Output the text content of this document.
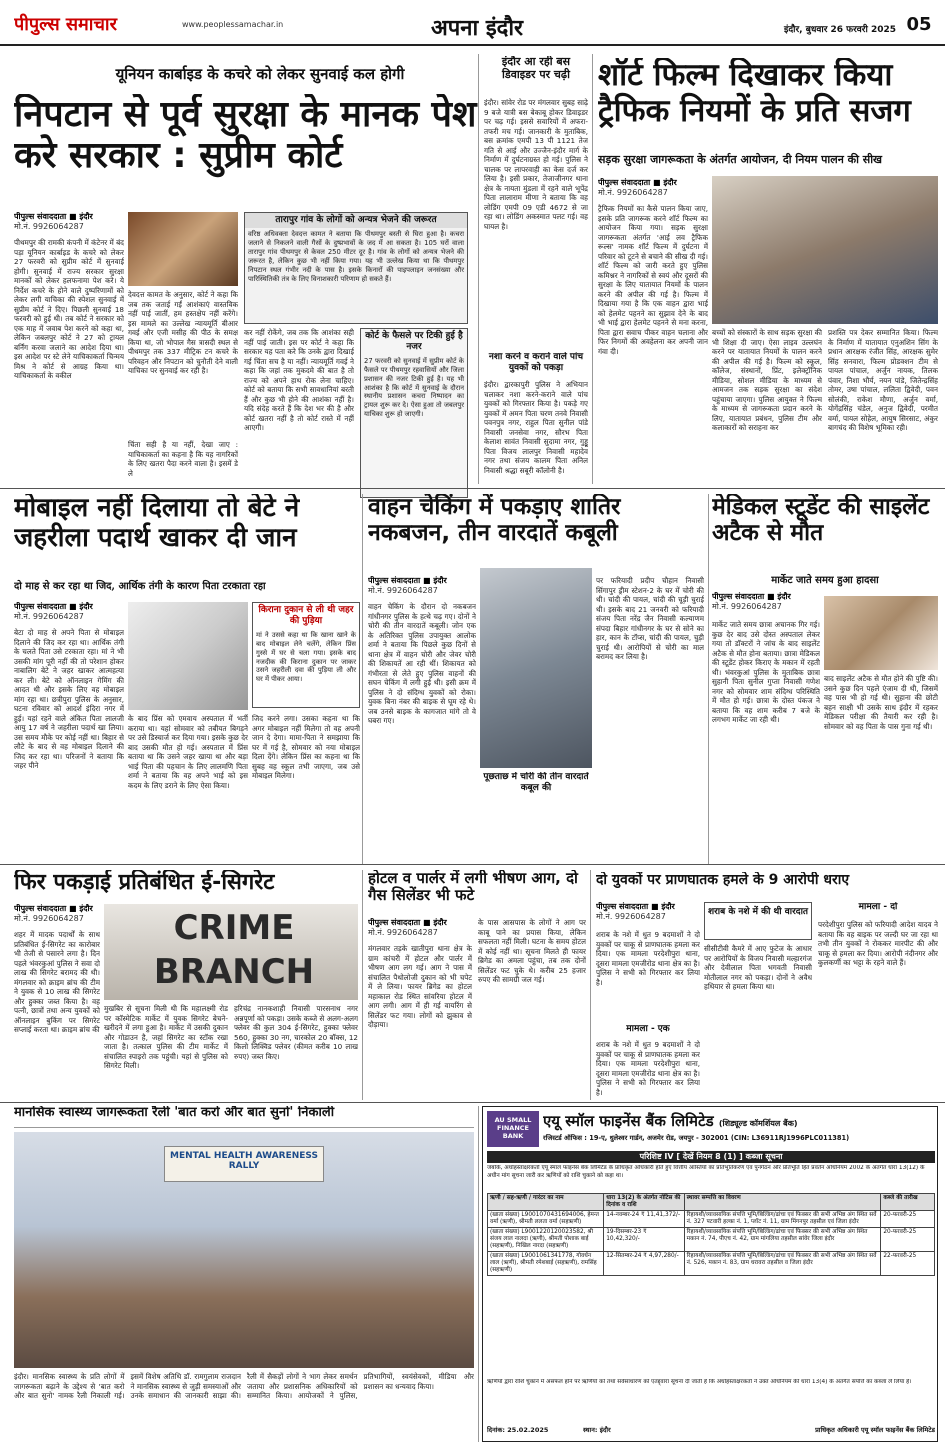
पीपुल्स समाचार	www.peoplessamachar.in	अपना इंदौर	इंदौर, बुधवार 26 फरवरी 2025 05
यूनियन कार्बाइड के कचरे को लेकर सुनवाई कल होगी
निपटान से पूर्व सुरक्षा के मानक पेश करे सरकार : सुप्रीम कोर्ट
पीपुल्स संवाददाता ■ इंदौर
मो.नं. 9926064287
पीथमपुर की रामकी कंपनी में कंटेनर में बंद पड़ा यूनियन कार्बाइड के कचरे को लेकर 27 फरवरी को सुप्रीम कोर्ट में सुनवाई होगी। सुनवाई में राज्य सरकार सुरक्षा मानकों को लेकर हलफनामा पेश करे। ये निर्देश कचरे के होने वाले दुष्परिणामों को लेकर लगी याचिका की स्पेशल सुनवाई में सुप्रीम कोर्ट ने दिए। पिछली सुनवाई 18 फरवरी को हुई थी। तब कोर्ट ने सरकार को एक माह में जवाब पेश करने को कहा था, लेकिन जबलपुर कोर्ट ने 27 को ट्रायल बर्निंग करवा जलाने का आदेश दिया था। इस आदेश पर स्टे लेने याचिकाकर्ता चिन्मय मिश्र ने कोर्ट से आग्रह किया था। याचिकाकर्ता के वकील
देवदत्त कामत के अनुसार, कोर्ट ने कहा कि जब तक जताई गईं आशंकाएं वास्तविक नहीं पाई जातीं, हम हस्तक्षेप नहीं करेंगे। इस मामले का उल्लेख न्यायमूर्ति बीआर गवई और एजी मसीह की पीठ के समक्ष किया था, जो भोपाल गैस त्रासदी स्थल से पीथमपुर तक 337 मीट्रिक टन कचरे के परिवहन और निपटान को चुनौती देने वाली याचिका पर सुनवाई कर रही है।
चिंता सही है या नहीं, देखा जाए : याचिकाकर्ता का कहना है कि यह नागरिकों के लिए खतरा पैदा करने वाला है। इसमें डे ले
तारापुर गांव के लोगों को अन्यत्र भेजने की जरूरत
वरिष्ठ अधिवक्ता देवदत्त कामत ने बताया कि पीथमपुर बस्ती से घिरा हुआ है। कचरा जलाने से निकलने वाली गैसों के दुष्प्रभावों के जद में आ सकता है। 105 घरों वाला तारापुर गांव पीथमपुर से केवल 250 मीटर दूर है। गांव के लोगों को अन्यत्र भेजने की जरूरत है, लेकिन कुछ भी नहीं किया गया। यह भी उल्लेख किया था कि पीथमपुर निपटान स्थल गंभीर नदी के पास है। इसके किनारों की पाइपलाइन जनसंख्या और पारिस्थितिकी तंत्र के लिए विनाशकारी परिणाम हो सकते हैं।
कर नहीं रोकेंगे, जब तक कि आशंका सही नहीं पाई जाती। इस पर कोर्ट ने कहा कि सरकार यह पता करे कि उनके द्वारा दिखाई गई चिंता सच है या नहीं। न्यायमूर्ति गवई ने कहा कि जहां तक मुकदमे की बात है तो राज्य को अपने हाथ रोक लेना चाहिए। कोर्ट को बताया कि सभी सावधानियां बरती हैं और कुछ भी होने की आशंका नहीं है। यदि संदेह करते हैं कि देश भर की है और कोर्ट खतरा नहीं है तो कोर्ट रास्ते में नहीं आएगी।
कोर्ट के फैसले पर टिकी हुई है नजर
27 फरवरी को सुनवाई में सुप्रीम कोर्ट के फैसले पर पीथमपुर रहवासियों और जिला प्रशासन की नजर टिकी हुई है। यह भी आशंका है कि कोर्ट में सुनवाई के दौरान स्थानीय प्रशासन कचरा निष्पादन का ट्रायल शुरू कर दे। ऐसा हुआ तो जबलपुर याचिका शुरू हो जाएगी।
इंदौर आ रही बस डिवाइडर पर चढ़ी
इंदौर। सांवेर रोड पर मंगलवार सुबह साढ़े 9 बजे यात्री बस बेकाबू होकर डिवाइडर पर चढ़ गई। इससे सवारियों में अफरा-तफरी मच गई। जानकारी के मुताबिक, बस क्रमांक एमपी 13 पी 1121 तेज गति से आई और उज्जैन-इंदौर मार्ग के निर्माण में दुर्घटनाग्रस्त हो गई। पुलिस ने चालक पर लापरवाही का केस दर्ज कर लिया है। इसी प्रकार, तेजाजीनगर थाना क्षेत्र के नायता मुंडला में रहने वाले भूपेंद्र पिता लालाराम मीणा ने बताया कि वह लोडिंग एमपी 09 एडी 4672 से जा रहा था। लोडिंग अकस्मात पलट गई। वह घायल है।
नशा करने व कराने वाले पांच युवकों को पकड़ा
इंदौर। द्वारकापुरी पुलिस ने अभियान चलाकर नशा करने-कराने वाले पांच युवकों को गिरफ्तार किया है। पकड़े गए युवकों में अमन पिता चरण तनवे निवासी पवनपुत्र नगर, राहुल पिता सुनील पांडे निवासी जनसेवा नगर, सौरभ पिता केलाश सावंत निवासी सुदामा नगर, गुड्डू पिता विजय लालपुर निवासी महादेव नगर तथा संजय कालम पिता अनिल निवासी श्रद्धा सबूरी कॉलोनी है।
शॉर्ट फिल्म दिखाकर किया ट्रैफिक नियमों के प्रति सजग
सड़क सुरक्षा जागरूकता के अंतर्गत आयोजन, दी नियम पालन की सीख
पीपुल्स संवाददाता ■ इंदौर
मो.नं. 9926064287
ट्रैफिक नियमों का कैसे पालन किया जाए, इसके प्रति जागरूक करने शॉर्ट फिल्म का आयोजन किया गया। सड़क सुरक्षा जागरूकता अंतर्गत 'आई लव ट्रैफिक रूल्स' नामक शॉर्ट फिल्म में दुर्घटना में परिवार को टूटने से बचाने की सीख दी गई। शॉर्ट फिल्म को जारी करते हुए पुलिस कमिश्नर ने नागरिकों से स्वयं और दूसरों की सुरक्षा के लिए यातायात नियमों के पालन करने की अपील की गई है। फिल्म में दिखाया गया है कि एक वाहन द्वारा भाई को हेलमेट पहनने का सुझाव देने के बाद भी भाई द्वारा हेलमेट पहनने से मना करना, पिता द्वारा सवाच पीकर वाहन चलाना और फिर निगमों की अवहेलना कर अपनी जान गंवा दी।
बच्चों को संस्कारों के साथ सड़क सुरक्षा की भी शिक्षा दी जाए। ऐसा लाइव उल्लघंन करने पर यातायात नियमों के पालन करने की अपील की गई है। फिल्म को स्कूल, कॉलेज, संस्थानों, प्रिंट, इलेक्ट्रॉनिक मीडिया, सोशल मीडिया के माध्यम से आमजन तक सड़क सुरक्षा का संदेश पहुंचाया जाएगा। पुलिस आयुक्त ने फिल्म के माध्यम से जागरूकता प्रदान करने के लिए, यातायात प्रबंधन, पुलिस टीम और कलाकारों को सराहना कर
प्रशस्ति पत्र देकर सम्मानित किया। फिल्म के निर्माण में यातायात एनुअशिन सिंग के प्रधान आरक्षक रंजीत सिंह, आरक्षक सुमेर सिंह सनवारा, फिल्म प्रोडक्शन टीम से पायल पांचाल, अर्जुन नायक, तिलक पंवार, निशा भौर्य, नयन पांडे, जितेन्द्रसिंह तोमर, उषा पांचाल, ललिता द्विवेदी, पवन सोलंकी, राकेश मौणा, अर्जुन वर्मा, योगेंद्रसिंह चंडेल, अनुज द्विवेदी, परमीत वर्मा, पायल सोहेल, आयुष सिरसाट, अंकुर बागचंद की विशेष भूमिका रही।
मोबाइल नहीं दिलाया तो बेटे ने जहरीला पदार्थ खाकर दी जान
दो माह से कर रहा था जिद, आर्थिक तंगी के कारण पिता टरकाता रहा
पीपुल्स संवाददाता ■ इंदौर
मो.नं. 9926064287
बेटा दो माह से अपने पिता से मोबाइल दिलाने की जिद कर रहा था। आर्थिक तंगी के चलते पिता उसे टरकाता रहा। मां ने भी उसकी मांग पूरी नहीं की तो परेशान होकर नाबालिग बेटे ने जहर खाकर आत्महत्या कर ली। बेटे को ऑनलाइन गेमिंग की आदत थी और इसके लिए वह मोबाइल मांग रहा था। छत्रीपुरा पुलिस के अनुसार, घटना रविवार को आदर्श इंदिरा नगर में हुई। यहां रहने वाले अंकित पिता लालजी आयु 17 वर्ष ने जहरीला पदार्थ खा लिया। उस समय मौके पर कोई नहीं था। बिहार से लौटे के बाद से वह मोबाइल दिलाने की जिद कर रहा था। परिजनों ने बताया कि जहर पीने
के बाद प्रिंस को एमवाय अस्पताल में भर्ती कराया था। यहां सोमवार को तबीयत बिगड़ने पर उसे डिस्चार्ज कर दिया गया। इसके कुछ देर बाद उसकी मौत हो गई। अस्पताल में प्रिंस बताया था कि उसने जहर खाया था और बड़ा भाई पिता की पहचान के लिए लालमणि पिता शर्मा ने बताया कि वह अपने भाई को इस कदम के लिए डराने के लिए ऐसा किया।
किराना दुकान से ली थी जहर की पुड़िया
मां ने उससे कहा था कि खाना खाने के बाद मोबाइल लेने चलेंगे, लेकिन प्रिंस गुस्से में घर से चला गया। इसके बाद नजदीक की किराना दुकान पर जाकर उसने जहरीली दवा की पुड़िया ली और घर में पीकर आया।
जिद करने लगा। उसका कहना था कि अगर मोबाइल नहीं मिलेगा तो वह अपनी जान दे देगा। मामा-पिता ने समझाया कि घर में गई है, सोमवार को नया मोबाइल दिला देंगे। लेकिन प्रिंस का कहना था कि सुबह वह स्कूल तभी जाएगा, जब उसे मोबाइल मिलेगा।
वाहन चेकिंग में पकड़ाए शातिर नकबजन, तीन वारदातें कबूली
पीपुल्स संवाददाता ■ इंदौर
मो.नं. 9926064287
वाहन चेकिंग के दौरान दो नकबजन गांधीनगर पुलिस के हत्थे चढ़ गए। दोनों ने चोरी की तीन वारदातें कबूली। जोन एक के अतिरिक्त पुलिस उपायुक्त आलोक शर्मा ने बताया कि पिछले कुछ दिनों से थाना क्षेत्र में वाहन चोरी और जेवर चोरी की शिकायतें आ रही थीं। शिकायत को गंभीरता से लेते हुए पुलिस वाहनों की सघन चेकिंग में लगी हुई थी। इसी क्रम में पुलिस ने दो संदिग्ध युवकों को रोका। युवक बिना नंबर की बाइक से घूम रहे थे। जब उनसे बाइक के कागजात मांगे तो वे घबरा गए।
पूछताछ में चोरी की तीन वारदातें कबूल की
पर फरियादी प्रदीप चौहान निवासी सिंगापुर ड्रीम स्टेशन-2 के घर में चोरी की थी। चांदी की पायल, चांदी की चूड़ी चुराई थी। इसके बाद 21 जनवरी को फरियादी संजय पिता नरेंद्र जैन निवासी कल्याणम संपदा बिहार गांधीनगर के घर से सोने का हार, कान के टॉप्स, चांदी की पायल, चुड़ी चुराई थी। आरोपियों से चोरी का माल बरामद कर लिया है।
मेडिकल स्टूडेंट की साइलेंट अटैक से मौत
मार्केट जाते समय हुआ हादसा
पीपुल्स संवाददाता ■ इंदौर
मो.नं. 9926064287
मार्केट जाते समय छात्रा अचानक गिर गई। कुछ देर बाद उसे दोस्त अस्पताल लेकर गया तो डॉक्टरों ने जांच के बाद साइलेंट अटैक से मौत होना बताया। छात्रा मेडिकल की स्टूडेंट होकर किराए के मकान में रहती थी। भंवरकुआं पुलिस के मुताबिक छात्रा सुहानी पिता सुनील गुप्ता निवासी गणेश नगर को सोमवार शाम संदिग्ध परिस्थिति में मौत हो गई। छात्रा के दोस्त पंकज ने बताया कि वह शाम करीब 7 बजे के लगभग मार्केट जा रही थी।
बाद साइलेंट अटैक से मौत होने की पुष्टि की। उसने कुछ दिन पहले एंजाम दी थी, जिसमें वह पास भी हो गई थी। सुहाना की छोटी बहन साक्षी भी उसके साथ इंदौर में रहकर मेडिकल परीक्षा की तैयारी कर रही है। सोमवार को वह पिता के पास गुना गई थी।
फिर पकड़ाई प्रतिबंधित ई-सिगरेट
पीपुल्स संवाददाता ■ इंदौर
मो.नं. 9926064287
शहर में मादक पदार्थों के साथ प्रतिबंधित ई-सिगरेट का कारोबार भी तेजी से पसारने लगा है। दिन पहले भंवरकुआं पुलिस ने सवा दो लाख की सिगरेट बरामद की थी। मंगलवार को क्राइम ब्रांच की टीम ने युवक से 10 लाख की सिगरेट और हुक्का जब्त किया है। वह पत्नी, छात्रों तथा अन्य युवकों को ऑनलाइन बुकिंग पर सिगरेट सप्लाई करता था। क्राइम ब्रांच की
CRIME
BRANCH
मुखबिर से सूचना मिली थी कि महालक्ष्मी रोड पर कॉस्मेटिक मार्केट में युवक सिगरेट बेचने-खरीदने में लगा हुआ है। मार्केट में उसकी दुकान और गोडाउन है, जहां सिगरेट का स्टॉक रखा जाता है। तत्काल पुलिस की टीम मार्केट में संचालित स्पाइरो तक पहुंची। यहां से पुलिस को सिगरेट मिली।
हरिचंद्र नानकशाही निवासी पारसनाथ नगर अन्नपूर्णा को पकड़ा। उसके कब्जे से अलग-अलग फ्लेवर की कुल 304 ई-सिगरेट, हुक्का फ्लेवर 560, हुक्का 30 नग, चारकोल 20 बॉक्स, 12 किलो लिक्विड फ्लेवर (कीमत करीब 10 लाख रुपए) जब्त किए।
होटल व पार्लर में लगी भीषण आग, दो गैस सिलेंडर भी फटे
पीपुल्स संवाददाता ■ इंदौर
मो.नं. 9926064287
मंगलवार तड़के खातीपुरा थाना क्षेत्र के ग्राम कांचरी में होटल और पार्लर में भीषण आग लग गई। आग ने पास में संचालित पैथोलोजी दुकान को भी चपेट में ले लिया। फायर ब्रिगेड का होटल महाकाल रोड स्थित सांवरिया होटल में आग लगी। आग में ही गई वायरिंग से सिलेंडर फट गया। लोगों को झुकाव से दौड़ाया।
के पास आसपास के लोगों ने आग पर काबू पाने का प्रयास किया, लेकिन सफलता नहीं मिली। घटना के समय होटल में कोई नहीं था। सूचना मिलते ही फायर ब्रिगेड का अमला पहुंचा, तब तक दोनों सिलेंडर फट चुके थे। करीब 25 हजार रुपए की सामग्री जल गई।
दो युवकों पर प्राणघातक हमले के 9 आरोपी धराए
पीपुल्स संवाददाता ■ इंदौर
मो.नं. 9926064287
शराब के नशे में धुत 9 बदमाशों ने दो युवकों पर चाकू से प्राणघातक हमला कर दिया। एक मामला परदेशीपुरा थाना, दूसरा मामला एमजीरोड थाना क्षेत्र का है। पुलिस ने सभी को गिरफ्तार कर लिया है।
मामला - एक
शराब के नशे में धुत 9 बदमाशों ने दो युवकों पर चाकू से प्राणघातक हमला कर दिया। एक मामला परदेशीपुरा थाना, दूसरा मामला एमजीरोड थाना क्षेत्र का है। पुलिस ने सभी को गिरफ्तार कर लिया है।
शराब के नशे में की थी वारदात
सीसीटीवी कैमरे में आए फुटेज के आधार पर आरोपियों के विजय निवासी मल्हारगंज और देवीलाल पिता भगवती निवासी मोतीलाल नगर को पकड़ा। दोनों ने अवैध हथियार से हमला किया था।
मामला - दो
परदेशीपुरा पुलिस को फरियादी आदेश यादव ने बताया कि वह बाइक पर जल्दी घर जा रहा था तभी तीन युवकों ने रोककर मारपीट की और चाकू से हमला कर दिया। आरोपी नंदीनगर और कुलकर्णी का भट्टा के रहने वाले हैं।
मानसिक स्वास्थ्य जागरूकता रैली 'बात करो और बात सुनो' निकाली
MENTAL HEALTH AWARENESS RALLY
इंदौर। मानसिक स्वास्थ्य के प्रति लोगों में जागरूकता बढ़ाने के उद्देश्य से 'बात करो और बात सुनो' नामक रैली निकाली गई। इसमें विशेष अतिथि डॉ. रामगुलाम राजदान ने मानसिक स्वास्थ्य से जुड़ी समस्याओं और उनके समाधान की जानकारी साझा की। रैली में सैकड़ों लोगों ने भाग लेकर समर्थन जताया और प्रशासनिक अधिकारियों को सम्मानित किया। आयोजकों ने पुलिस, प्रतिभागियों, स्वयंसेवकों, मीडिया और प्रशासन का धन्यवाद किया।
AU SMALL FINANCE BANK
एयू स्मॉल फाइनेंस बैंक लिमिटेड (शिड्यूल्ड कॉमर्शियल बैंक)
रजिस्टर्ड ऑफिस : 19-ए, धुलेश्वर गार्डन, अजमेर रोड, जयपुर - 302001 (CIN: L36911RJ1996PLC011381)
परिशिष्ट IV [ देखें नियम 8 (1) ] कब्जा सूचना
जबकि, अधोहस्ताक्षरकर्ता एयू स्मॉल फाइनेंस बैंक लिमिटेड के प्राधिकृत अधिकारी होते हुए वित्तीय आस्तियों का प्रतिभूतिकरण एवं पुनर्गठन और प्रतिभूति हित प्रवर्तन अधिनियम 2002 के अंतर्गत धारा 13(12) के अधीन मांग सूचना जारी कर ऋणियों को राशि चुकाने को कहा था।
ऋणी / सह-ऋणी / गारंटर का नाम	धारा 13(2) के अंतर्गत नोटिस की दिनांक व राशि	स्थावर सम्पत्ति का विवरण	कब्जे की तारीख
(खाता संख्या) L9001070431694006, हेमन्त वर्मा (ऋणी), श्रीमती ललता वर्मा (सहऋणी)	14-नवम्बर-24 ₹ 11,41,372/-	रिहायशी/व्यावसायिक संपत्ति भूमि/बिल्डिंग/ढांचा एवं फिक्सर की सभी अभिन्न अंग स्थित सर्वे नं. 327 पटवारी हल्का नं. 1, प्लॉट नं. 11, ग्राम मिंगनपुर तहसील एवं जिला इंदौर	20-फरवरी-25
(खाता संख्या) L9001220120023582, श्री संजय लाल नालदा (ऋणी), श्रीमती पोशाक बाई (सहऋणी), निखिल नारदा (सहऋणी)	19-दिसम्बर-23 ₹ 10,42,320/-	रिहायशी/व्यावसायिक संपत्ति भूमि/बिल्डिंग/ढांचा एवं फिक्सर की सभी अभिन्न अंग स्थित मकान नं. 74, पीएच नं. 42, ग्राम मांगलिया तहसील सांवेर जिला इंदौर	20-फरवरी-25
(खाता संख्या) L9001061341778, गोवर्धन लाल (ऋणी), श्रीमती रमेशबाई (सहऋणी), रामसिंह (सहऋणी)	12-सितम्बर-24 ₹ 4,97,280/-	रिहायशी/व्यावसायिक संपत्ति भूमि/बिल्डिंग/ढांचा एवं फिक्सर की सभी अभिन्न अंग स्थित सर्वे नं. 526, मकान नं. 83, ग्राम धरावरा तहसील व जिला इंदौर	22-फरवरी-25
ऋणियों द्वारा राशि चुकाने में असफल होने पर ऋणियों को तथा सर्वसाधारण को एतद्द्वारा सूचना दी जाती है कि अधोहस्ताक्षरकर्ता ने उक्त अधिनियम की धारा 13(4) के अंतर्गत संपत्ति का कब्जा ले लिया है।
दिनांक: 25.02.2025	स्थान: इंदौर	प्राधिकृत अधिकारी एयू स्मॉल फाइनेंस बैंक लिमिटेड
